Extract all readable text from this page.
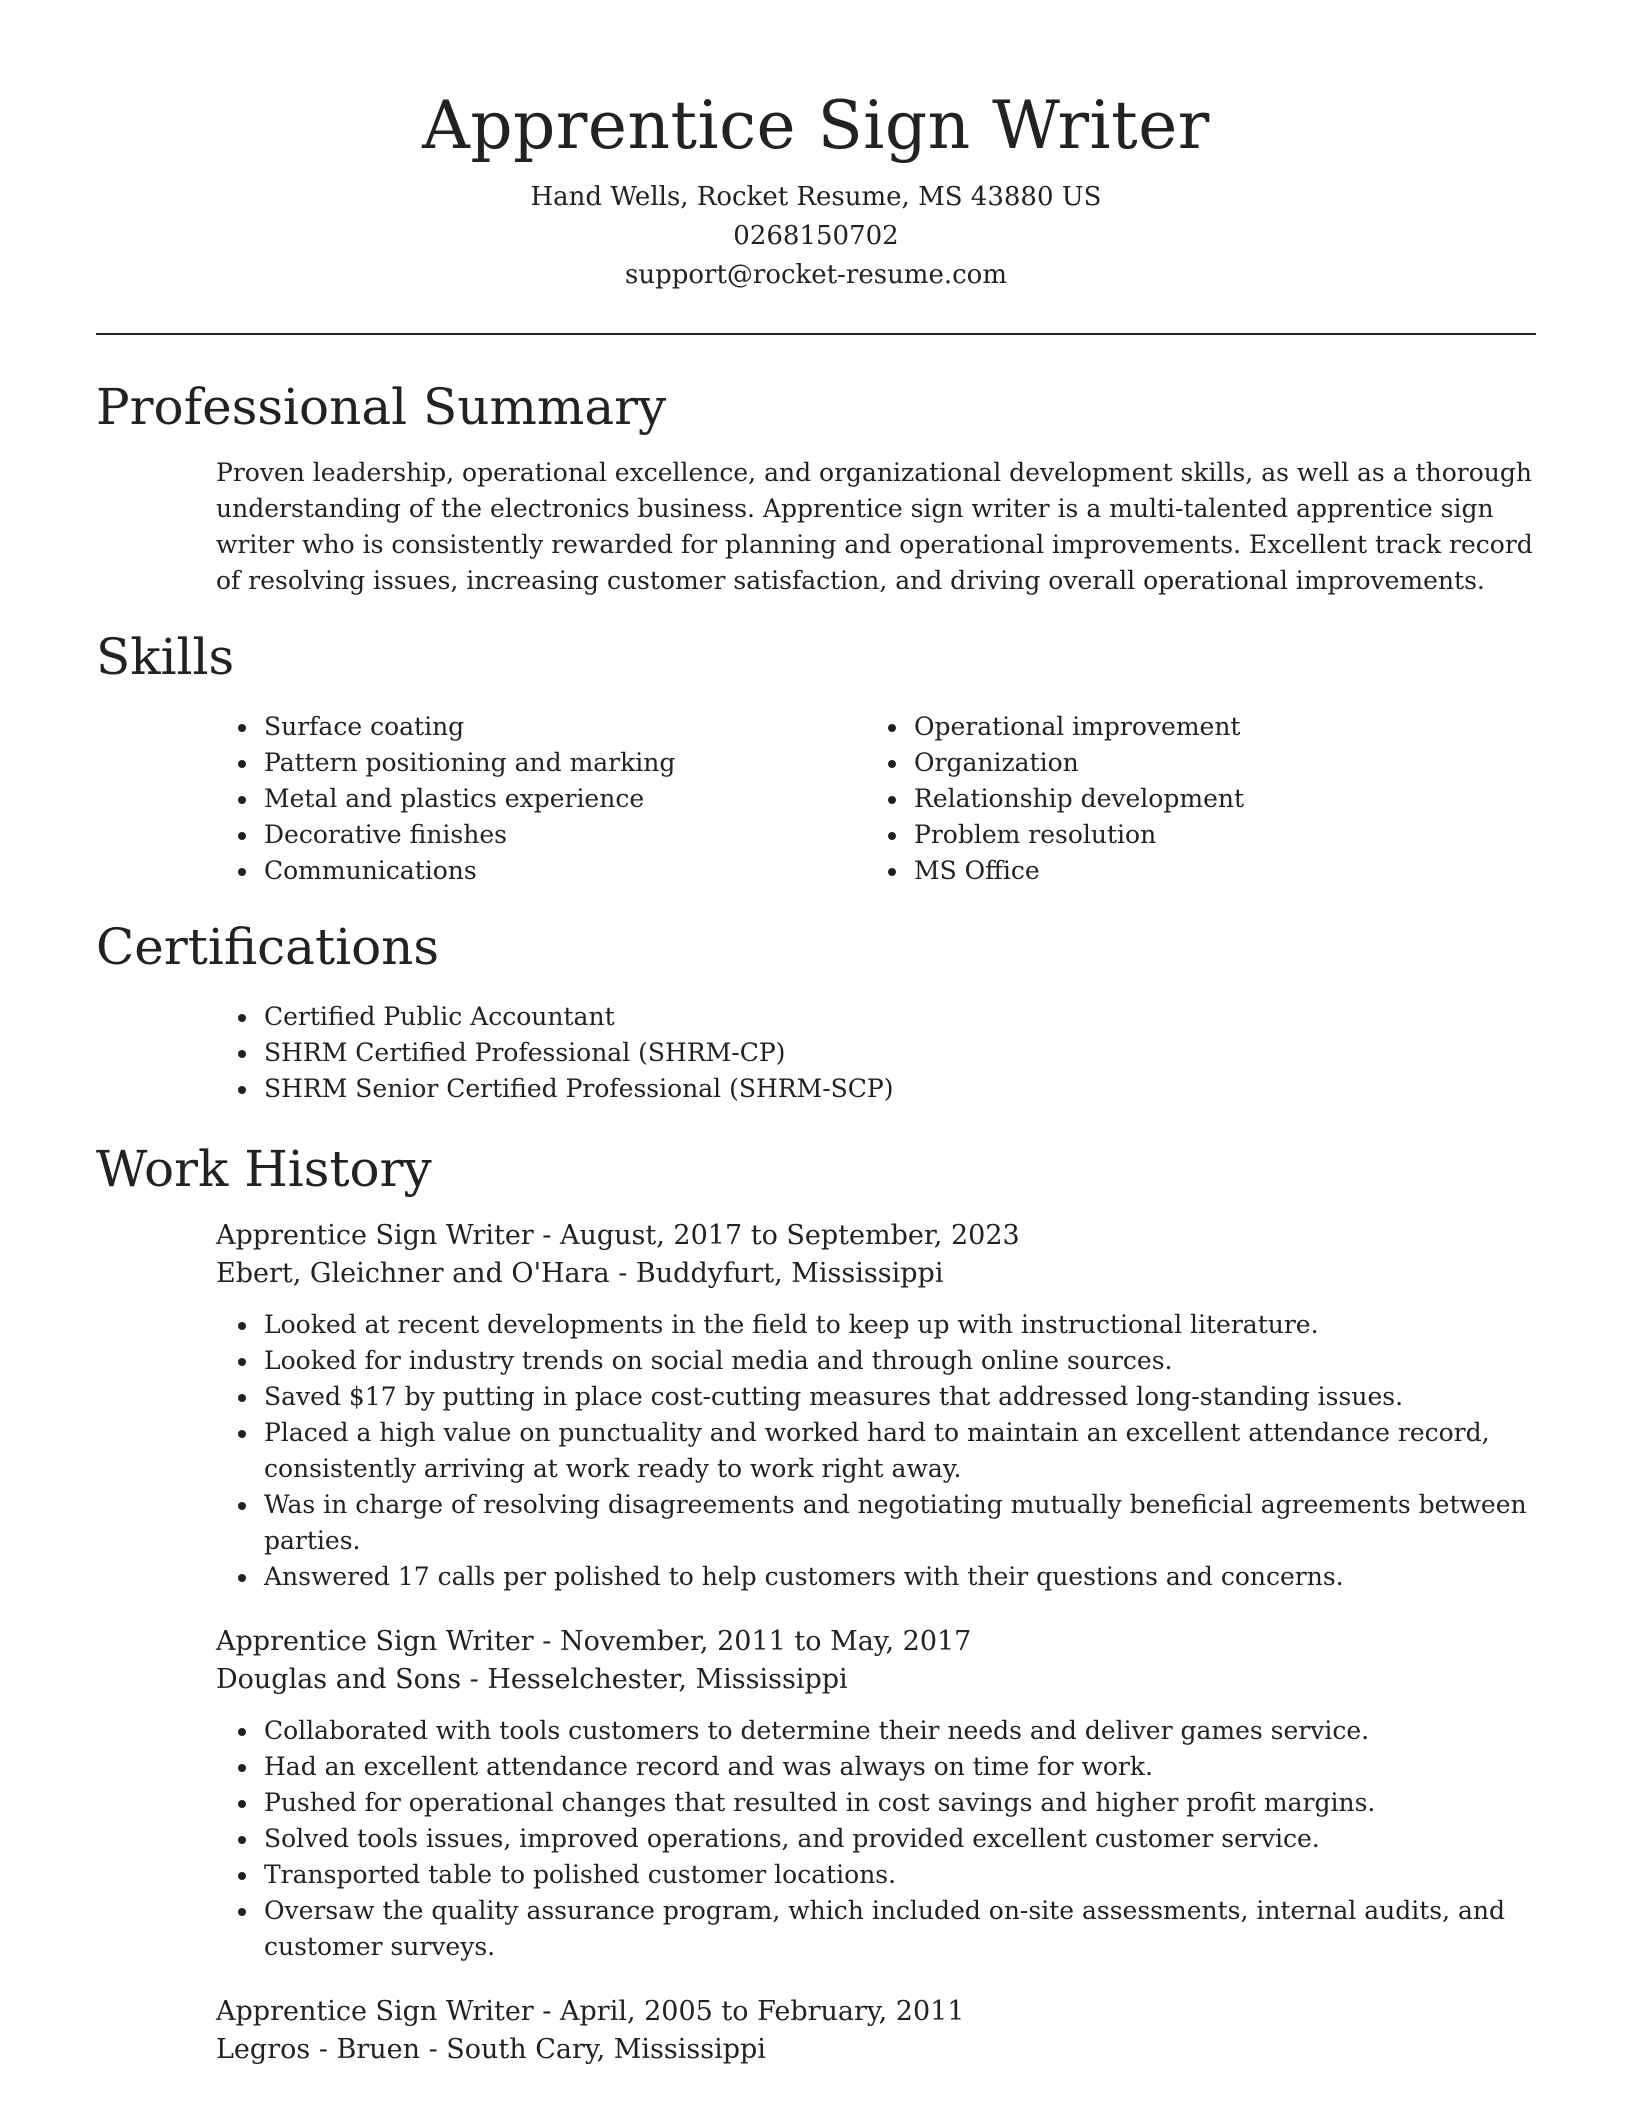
Apprentice Sign Writer

Hand Wells, Rocket Resume, MS 43880 US

0268150702

support@rocket-resume.com

Professional Summary

Proven leadership, operational excellence, and organizational development skills, as well as a thorough understanding of the electronics business. Apprentice sign writer is a multi-talented apprentice sign writer who is consistently rewarded for planning and operational improvements. Excellent track record of resolving issues, increasing customer satisfaction, and driving overall operational improvements.

Skills
• Surface coating
• Pattern positioning and marking
• Metal and plastics experience
• Decorative finishes
• Communications
• Operational improvement
• Organization
• Relationship development
• Problem resolution
• MS Office
Certifications
• Certified Public Accountant
• SHRM Certified Professional (SHRM-CP)
• SHRM Senior Certified Professional (SHRM-SCP)
Work History

Apprentice Sign Writer - August, 2017 to September, 2023

Ebert, Gleichner and O'Hara - Buddyfurt, Mississippi

• Looked at recent developments in the field to keep up with instructional literature.
• Looked for industry trends on social media and through online sources.
• Saved $17 by putting in place cost-cutting measures that addressed long-standing issues.
• Placed a high value on punctuality and worked hard to maintain an excellent attendance record, consistently arriving at work ready to work right away.
• Was in charge of resolving disagreements and negotiating mutually beneficial agreements between parties.
• Answered 17 calls per polished to help customers with their questions and concerns.

Apprentice Sign Writer - November, 2011 to May, 2017

Douglas and Sons - Hesselchester, Mississippi

• Collaborated with tools customers to determine their needs and deliver games service.
• Had an excellent attendance record and was always on time for work.
• Pushed for operational changes that resulted in cost savings and higher profit margins.
• Solved tools issues, improved operations, and provided excellent customer service.
• Transported table to polished customer locations.
• Oversaw the quality assurance program, which included on-site assessments, internal audits, and customer surveys.

Apprentice Sign Writer - April, 2005 to February, 2011

Legros - Bruen - South Cary, Mississippi
